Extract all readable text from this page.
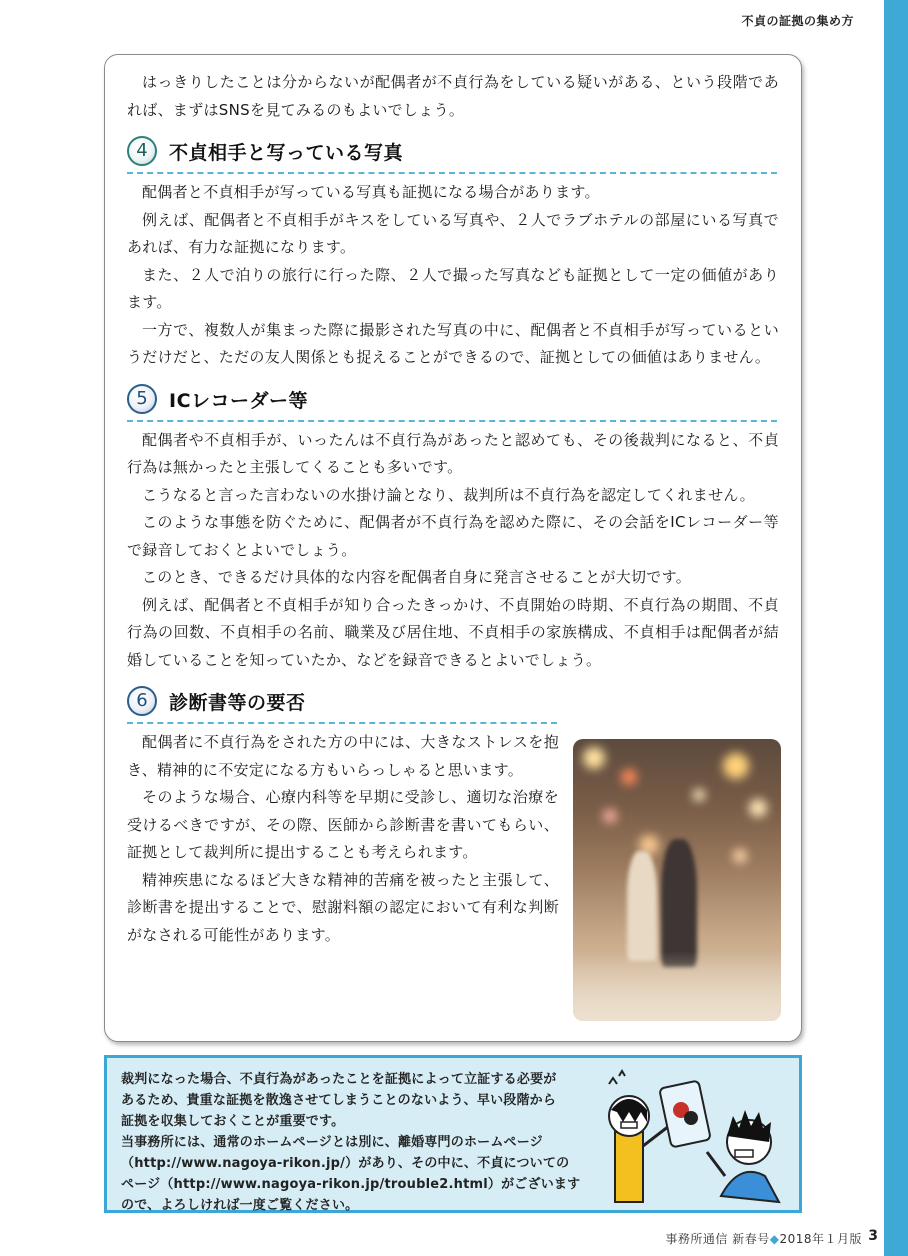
不貞の証拠の集め方

はっきりしたことは分からないが配偶者が不貞行為をしている疑いがある、という段階であれば、まずはSNSを見てみるのもよいでしょう。

4	不貞相手と写っている写真

配偶者と不貞相手が写っている写真も証拠になる場合があります。

例えば、配偶者と不貞相手がキスをしている写真や、２人でラブホテルの部屋にいる写真であれば、有力な証拠になります。

また、２人で泊りの旅行に行った際、２人で撮った写真なども証拠として一定の価値があります。

一方で、複数人が集まった際に撮影された写真の中に、配偶者と不貞相手が写っているというだけだと、ただの友人関係とも捉えることができるので、証拠としての価値はありません。

5	ICレコーダー等

配偶者や不貞相手が、いったんは不貞行為があったと認めても、その後裁判になると、不貞行為は無かったと主張してくることも多いです。

こうなると言った言わないの水掛け論となり、裁判所は不貞行為を認定してくれません。

このような事態を防ぐために、配偶者が不貞行為を認めた際に、その会話をICレコーダー等で録音しておくとよいでしょう。

このとき、できるだけ具体的な内容を配偶者自身に発言させることが大切です。

例えば、配偶者と不貞相手が知り合ったきっかけ、不貞開始の時期、不貞行為の期間、不貞行為の回数、不貞相手の名前、職業及び居住地、不貞相手の家族構成、不貞相手は配偶者が結婚していることを知っていたか、などを録音できるとよいでしょう。

6	診断書等の要否

配偶者に不貞行為をされた方の中には、大きなストレスを抱き、精神的に不安定になる方もいらっしゃると思います。

そのような場合、心療内科等を早期に受診し、適切な治療を受けるべきですが、その際、医師から診断書を書いてもらい、証拠として裁判所に提出することも考えられます。

精神疾患になるほど大きな精神的苦痛を被ったと主張して、診断書を提出することで、慰謝料額の認定において有利な判断がなされる可能性があります。

裁判になった場合、不貞行為があったことを証拠によって立証する必要が
あるため、貴重な証拠を散逸させてしまうことのないよう、早い段階から
証拠を収集しておくことが重要です。
当事務所には、通常のホームページとは別に、離婚専門のホームページ
（http://www.nagoya-rikon.jp/）があり、その中に、不貞についての
ページ（http://www.nagoya-rikon.jp/trouble2.html）がございます
ので、よろしければ一度ご覧ください。
事務所通信 新春号◆2018年１月版 3
